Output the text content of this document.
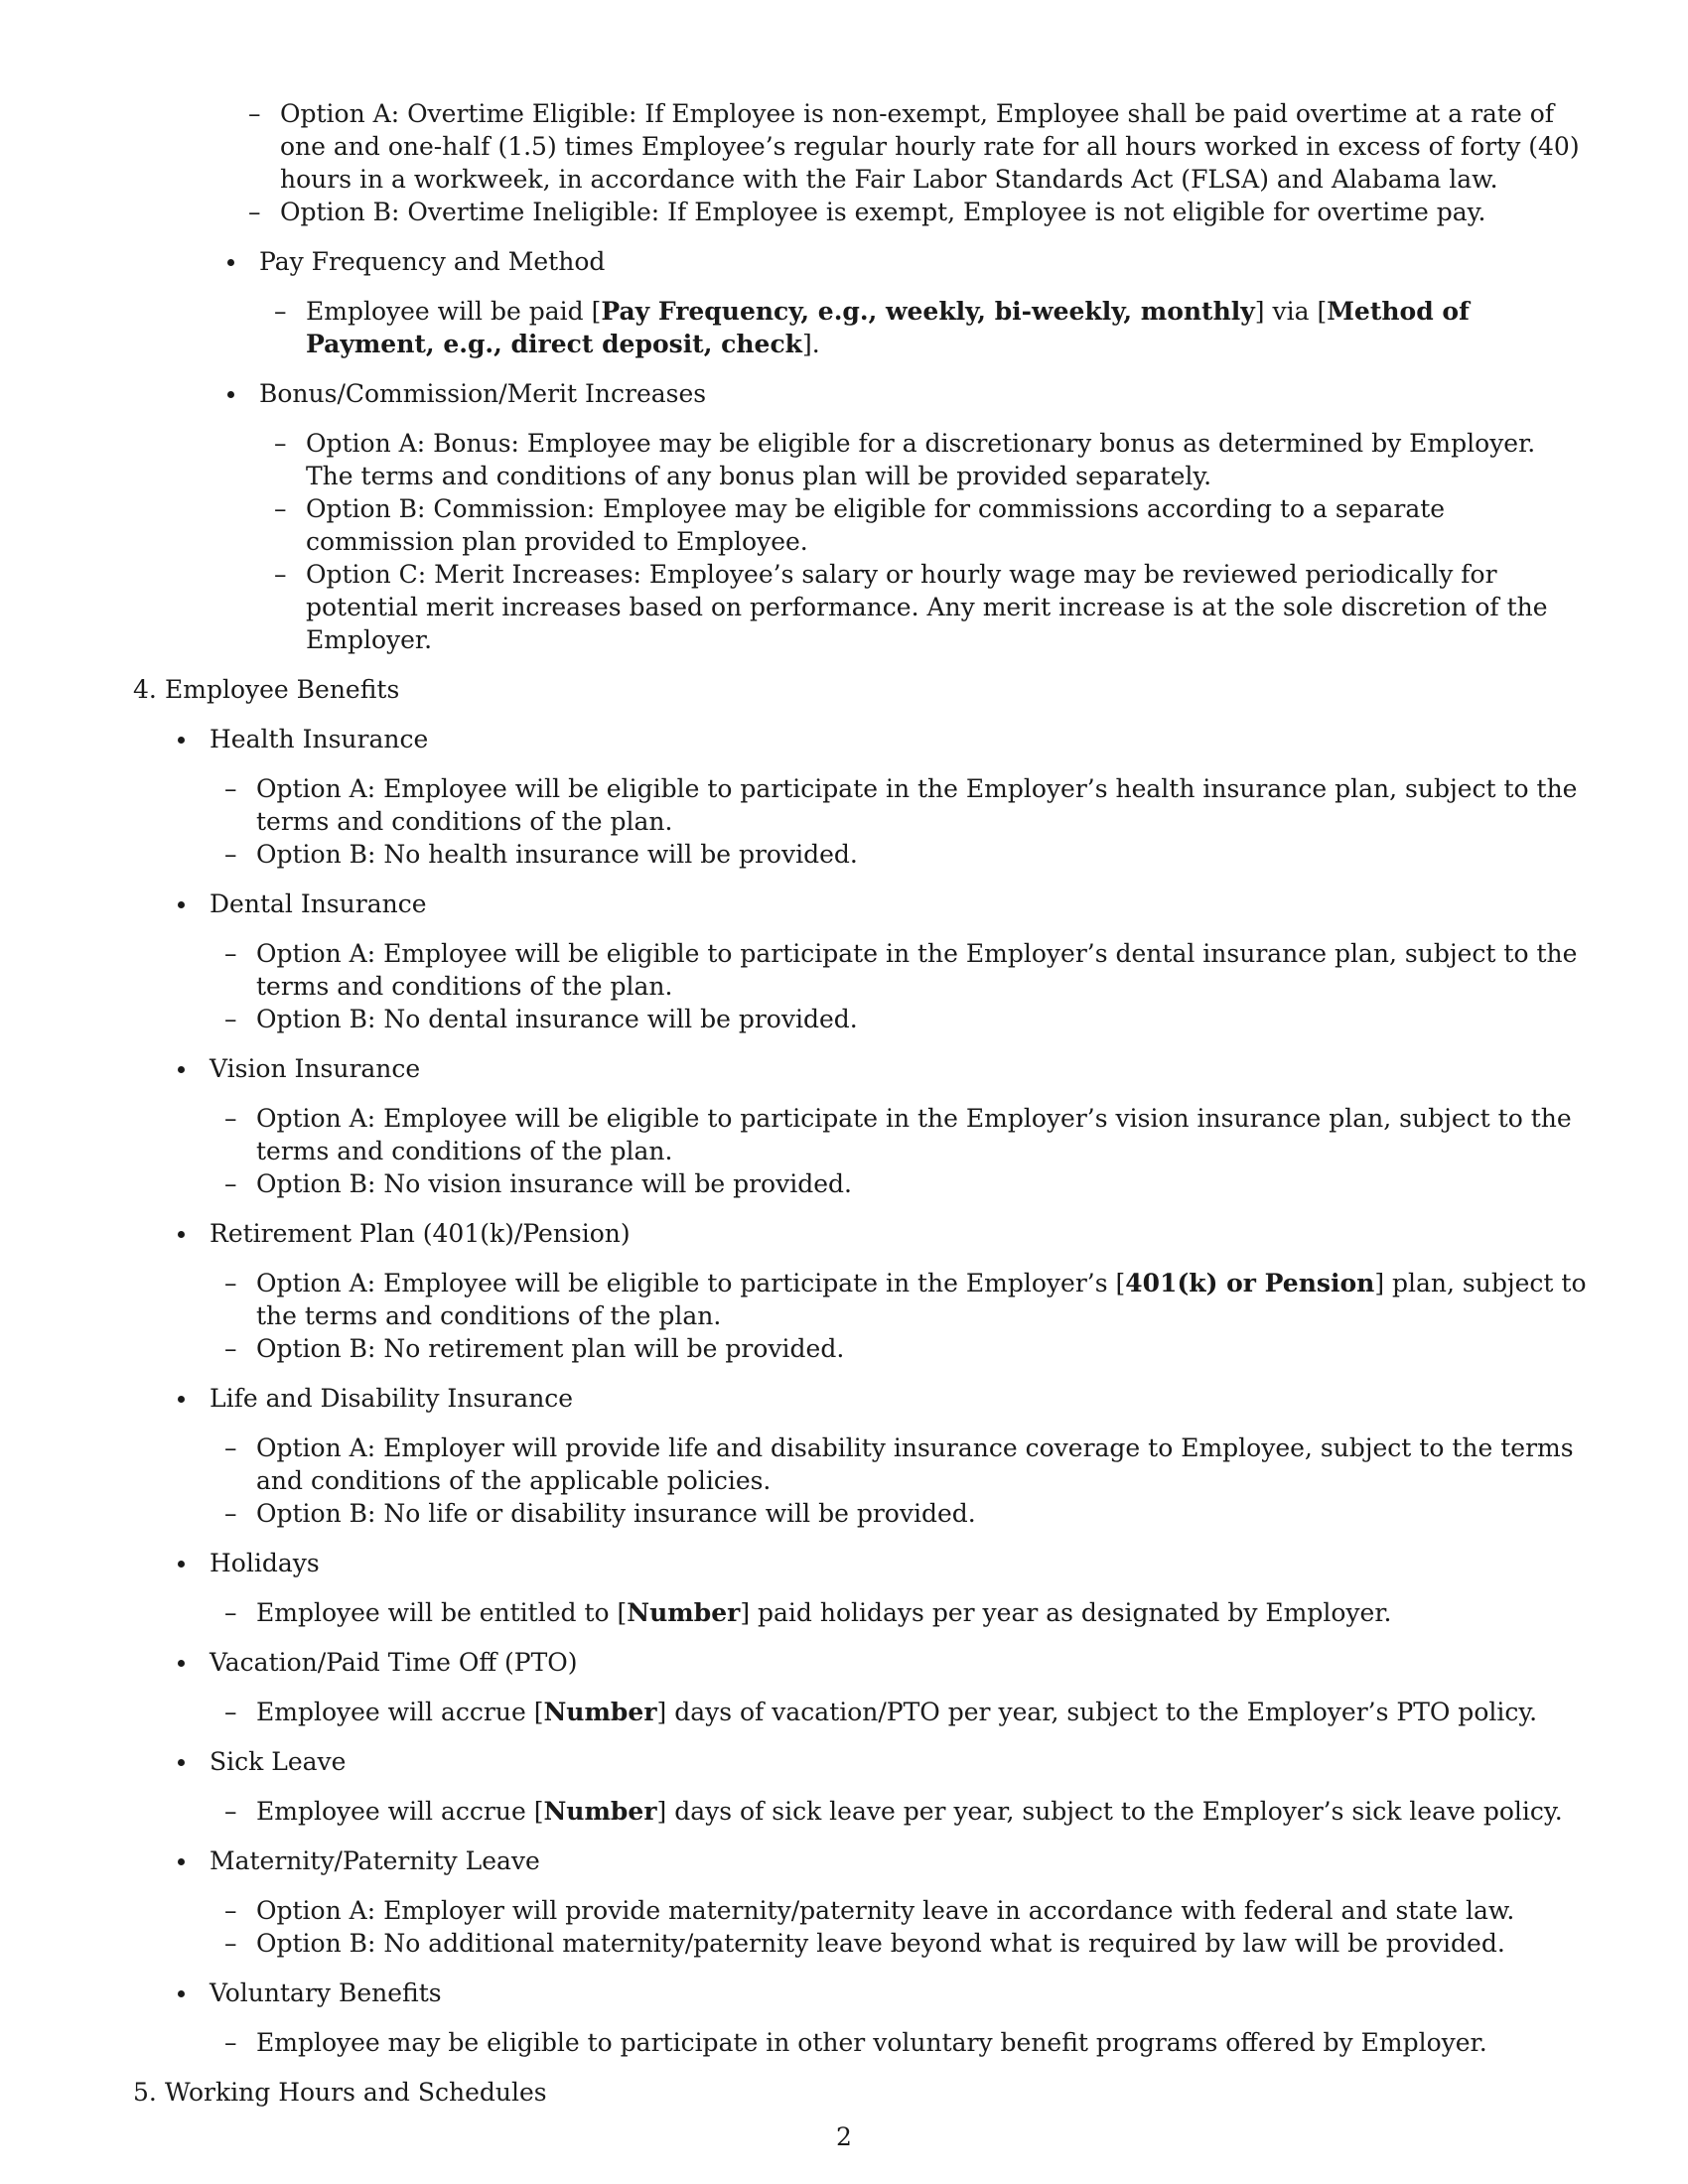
– Option A: Overtime Eligible: If Employee is non-exempt, Employee shall be paid overtime at a rate of one and one-half (1.5) times Employee’s regular hourly rate for all hours worked in excess of forty (40) hours in a workweek, in accordance with the Fair Labor Standards Act (FLSA) and Alabama law.
– Option B: Overtime Ineligible: If Employee is exempt, Employee is not eligible for overtime pay.
Pay Frequency and Method
– Employee will be paid [Pay Frequency, e.g., weekly, bi-weekly, monthly] via [Method of Payment, e.g., direct deposit, check].
Bonus/Commission/Merit Increases
– Option A: Bonus: Employee may be eligible for a discretionary bonus as determined by Employer. The terms and conditions of any bonus plan will be provided separately.
– Option B: Commission: Employee may be eligible for commissions according to a separate commission plan provided to Employee.
– Option C: Merit Increases: Employee’s salary or hourly wage may be reviewed periodically for potential merit increases based on performance. Any merit increase is at the sole discretion of the Employer.
4. Employee Benefits
Health Insurance
– Option A: Employee will be eligible to participate in the Employer’s health insurance plan, subject to the terms and conditions of the plan.
– Option B: No health insurance will be provided.
Dental Insurance
– Option A: Employee will be eligible to participate in the Employer’s dental insurance plan, subject to the terms and conditions of the plan.
– Option B: No dental insurance will be provided.
Vision Insurance
– Option A: Employee will be eligible to participate in the Employer’s vision insurance plan, subject to the terms and conditions of the plan.
– Option B: No vision insurance will be provided.
Retirement Plan (401(k)/Pension)
– Option A: Employee will be eligible to participate in the Employer’s [401(k) or Pension] plan, subject to the terms and conditions of the plan.
– Option B: No retirement plan will be provided.
Life and Disability Insurance
– Option A: Employer will provide life and disability insurance coverage to Employee, subject to the terms and conditions of the applicable policies.
– Option B: No life or disability insurance will be provided.
Holidays
– Employee will be entitled to [Number] paid holidays per year as designated by Employer.
Vacation/Paid Time Off (PTO)
– Employee will accrue [Number] days of vacation/PTO per year, subject to the Employer’s PTO policy.
Sick Leave
– Employee will accrue [Number] days of sick leave per year, subject to the Employer’s sick leave policy.
Maternity/Paternity Leave
– Option A: Employer will provide maternity/paternity leave in accordance with federal and state law.
– Option B: No additional maternity/paternity leave beyond what is required by law will be provided.
Voluntary Benefits
– Employee may be eligible to participate in other voluntary benefit programs offered by Employer.
5. Working Hours and Schedules
2
